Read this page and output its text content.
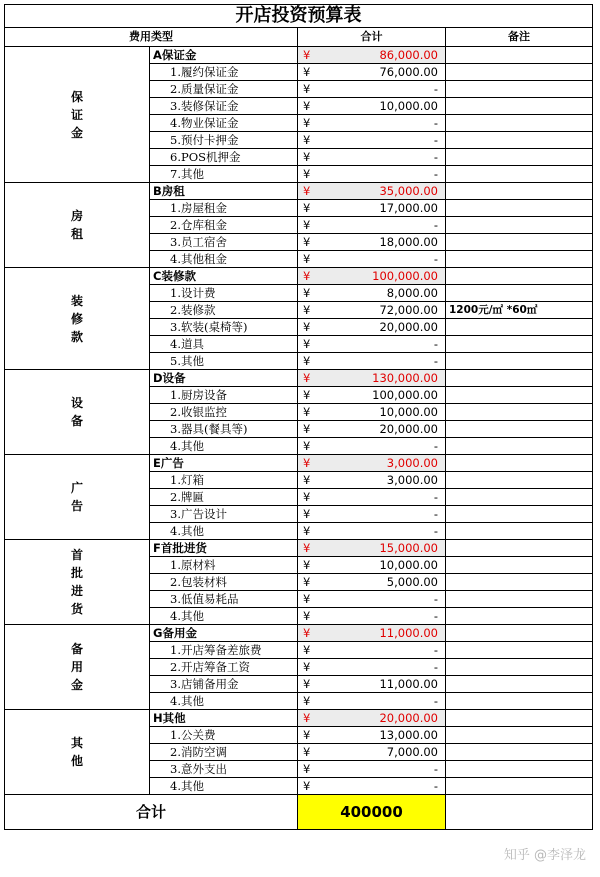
开店投资预算表			
费用类型		合计	备注
保证金	A保证金	¥ 86,000.00	

	1.履约保证金	¥ 76,000.00	

	2.质量保证金	¥ -	

	3.装修保证金	¥ 10,000.00	

	4.物业保证金	¥ -	

	5.预付卡押金	¥ -	

	6.POS机押金	¥ -	

	7.其他	¥ -	

房租	B房租	¥ 35,000.00	

	1.房屋租金	¥ 17,000.00	

	2.仓库租金	¥ -	

	3.员工宿舍	¥ 18,000.00	

	4.其他租金	¥ -	

装修款	C装修款	¥ 100,000.00	

	1.设计费	¥ 8,000.00	

	2.装修款	¥ 72,000.00	1200元/㎡ *60㎡
	3.软装(桌椅等)	¥ 20,000.00	

	4.道具	¥ -	

	5.其他	¥ -	

设备	D设备	¥ 130,000.00	

	1.厨房设备	¥ 100,000.00	

	2.收银监控	¥ 10,000.00	

	3.器具(餐具等)	¥ 20,000.00	

	4.其他	¥ -	

广告	E广告	¥ 3,000.00	

	1.灯箱	¥ 3,000.00	

	2.牌匾	¥ -	

	3.广告设计	¥ -	

	4.其他	¥ -	

首批进货	F首批进货	¥ 15,000.00	

	1.原材料	¥ 10,000.00	

	2.包装材料	¥ 5,000.00	

	3.低值易耗品	¥ -	

	4.其他	¥ -	

备用金	G备用金	¥ 11,000.00	

	1.开店筹备差旅费	¥ -	

	2.开店筹备工资	¥ -	

	3.店铺备用金	¥ 11,000.00	

	4.其他	¥ -	

其他	H其他	¥ 20,000.00	

	1.公关费	¥ 13,000.00	

	2.消防空调	¥ 7,000.00	

	3.意外支出	¥ -	

	4.其他	¥ -	

合计		400000	
知乎 @李泽龙
